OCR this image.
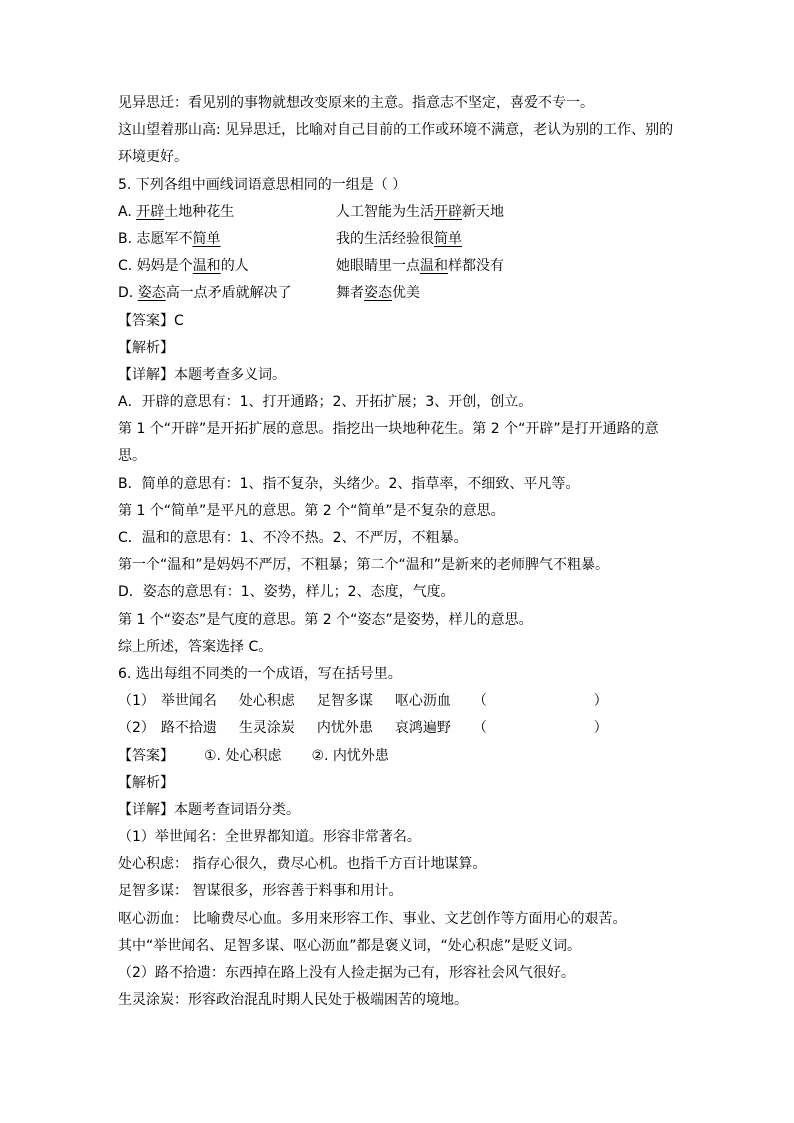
见异思迁：看见别的事物就想改变原来的主意。指意志不坚定，喜爱不专一。
这山望着那山高: 见异思迁，比喻对自己目前的工作或环境不满意，老认为别的工作、别的
环境更好。
5. 下列各组中画线词语意思相同的一组是（ ）
A. 开辟土地种花生	人工智能为生活开辟新天地
B. 志愿军不简单	我的生活经验很简单
C. 妈妈是个温和的人	她眼睛里一点温和样都没有
D. 姿态高一点矛盾就解决了	舞者姿态优美
【答案】C
【解析】
【详解】本题考查多义词。
A．开辟的意思有：1、打开通路；2、开拓扩展；3、开创，创立。
第 1 个“开辟”是开拓扩展的意思。指挖出一块地种花生。第 2 个“开辟”是打开通路的意
思。
B．简单的意思有：1、指不复杂，头绪少。2、指草率，不细致、平凡等。
第 1 个“简单”是平凡的意思。第 2 个“简单”是不复杂的意思。
C．温和的意思有：1、不冷不热。2、不严厉，不粗暴。
第一个“温和”是妈妈不严厉，不粗暴；第二个“温和”是新来的老师脾气不粗暴。
D．姿态的意思有：1、姿势，样儿；2、态度，气度。
第 1 个“姿态”是气度的意思。第 2 个“姿态”是姿势，样儿的意思。
综上所述，答案选择 C。
6. 选出每组不同类的一个成语，写在括号里。
（1） 举世闻名 处心积虑 足智多谋 呕心沥血 （                        ）
（2） 路不拾遗 生灵涂炭 内忧外患 哀鸿遍野 （                        ）
【答案】 ①. 处心积虑 ②. 内忧外患
【解析】
【详解】本题考查词语分类。
（1）举世闻名：全世界都知道。形容非常著名。
处心积虑： 指存心很久，费尽心机。也指千方百计地谋算。
足智多谋： 智谋很多，形容善于料事和用计。
呕心沥血： 比喻费尽心血。多用来形容工作、事业、文艺创作等方面用心的艰苦。
其中“举世闻名、足智多谋、呕心沥血”都是褒义词，“处心积虑”是贬义词。
（2）路不拾遗：东西掉在路上没有人捡走据为己有，形容社会风气很好。
生灵涂炭：形容政治混乱时期人民处于极端困苦的境地。
